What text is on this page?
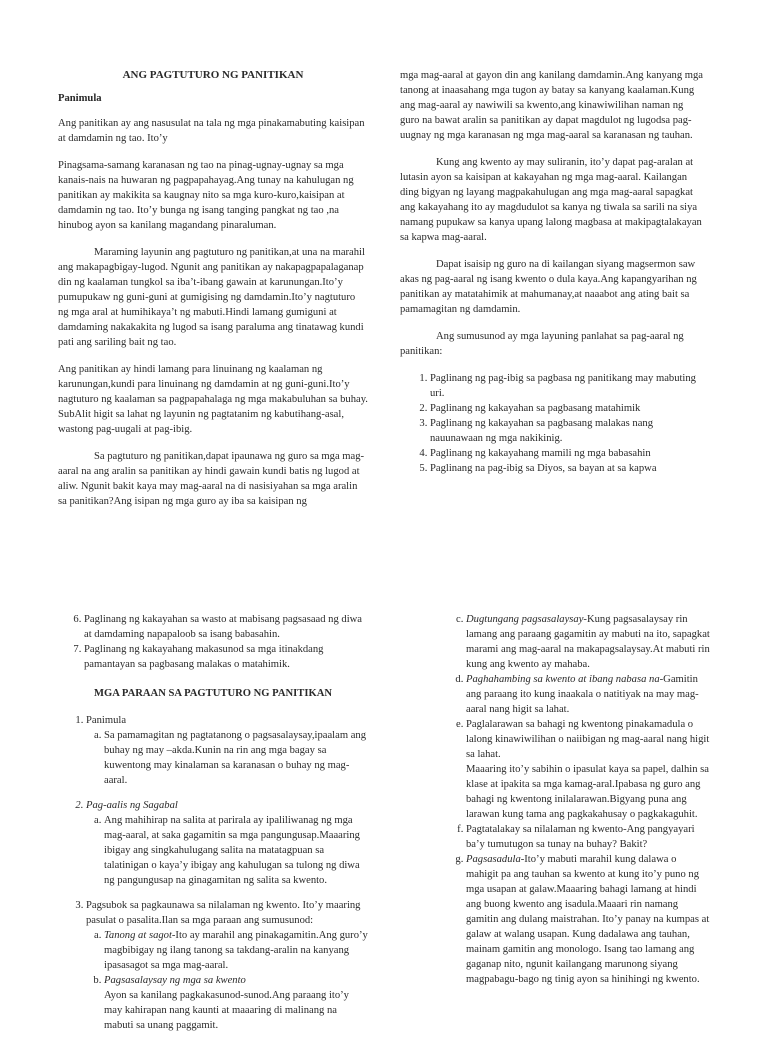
ANG PAGTUTURO NG PANITIKAN
Panimula

Ang panitikan ay ang nasusulat na tala ng mga pinakamabuting kaisipan at damdamin ng tao. Ito’y

Pinagsama-samang karanasan ng tao na pinag-ugnay-ugnay sa mga kanais-nais na huwaran ng pagpapahayag.Ang tunay na kahulugan ng panitikan ay makikita sa kaugnay nito sa mga kuro-kuro,kaisipan at damdamin ng tao. Ito’y bunga ng isang tanging pangkat ng tao ,na hinubog ayon sa kanilang magandang pinaraluman.

Maraming layunin ang pagtuturo ng panitikan,at una na marahil ang makapagbigay-lugod. Ngunit ang panitikan ay nakapagpapalaganap din ng kaalaman tungkol sa iba’t-ibang gawain at karunungan.Ito’y pumupukaw ng guni-guni at gumigising ng damdamin.Ito’y nagtuturo ng mga aral at humihikaya’t ng mabuti.Hindi lamang gumiguni at damdaming nakakakita ng lugod sa isang paraluma ang tinatawag kundi pati ang sariling bait ng tao.

Ang panitikan ay hindi lamang para linuinang ng kaalaman ng karunungan,kundi para linuinang ng damdamin at ng guni-guni.Ito’y nagtuturo ng kaalaman sa pagpapahalaga ng mga makabuluhan sa buhay. SubAlit higit sa lahat ng layunin ng pagtatanim ng kabutihang-asal, wastong pag-uugali at pag-ibig.

Sa pagtuturo ng panitikan,dapat ipaunawa ng guro sa mga mag-aaral na ang aralin sa panitikan ay hindi gawain kundi batis ng lugod at aliw. Ngunit bakit kaya may mag-aaral na di nasisiyahan sa mga aralin sa panitikan?Ang isipan ng mga guro ay iba sa kaisipan ng

mga mag-aaral at gayon din ang kanilang damdamin.Ang kanyang mga tanong at inaasahang mga tugon ay batay sa kanyang kaalaman.Kung ang mag-aaral ay nawiwili sa kwento,ang kinawiwilihan naman ng guro na bawat aralin sa panitikan ay dapat magdulot ng lugodsa pag-uugnay ng mga karanasan ng mga mag-aaral sa karanasan ng tauhan.

Kung ang kwento ay may suliranin, ito’y dapat pag-aralan at lutasin ayon sa kaisipan at kakayahan ng mga mag-aaral. Kailangan ding bigyan ng layang magpakahulugan ang mga mag-aaral sapagkat ang kakayahang ito ay magdudulot sa kanya ng tiwala sa sarili na siya namang pupukaw sa kanya upang lalong magbasa at makipagtalakayan sa kapwa mag-aaral.

Dapat isaisip ng guro na di kailangan siyang magsermon saw akas ng pag-aaral ng isang kwento o dula kaya.Ang kapangyarihan ng panitikan ay matatahimik at mahumanay,at naaabot ang ating bait sa pamamagitan ng damdamin.

Ang sumusunod ay mga layuning panlahat sa pag-aaral ng panitikan:

1. Paglinang ng pag-ibig sa pagbasa ng panitikang may mabuting uri.
2. Paglinang ng kakayahan sa pagbasang matahimik
3. Paglinang ng kakayahan sa pagbasang malakas nang nauunawaan ng mga nakikinig.
4. Paglinang ng kakayahang mamili ng mga babasahin
5. Paglinang na pag-ibig sa Diyos, sa bayan at sa kapwa
6. Paglinang ng kakayahan sa wasto at mabisang pagsasaad ng diwa at damdaming napapaloob sa isang babasahin.
7. Paglinang ng kakayahang makasunod sa mga itinakdang pamantayan sa pagbasang malakas o matahimik.
MGA PARAAN SA PAGTUTURO NG PANITIKAN
1. Panimula
a. Sa pamamagitan ng pagtatanong o pagsasalaysay,ipaalam ang buhay ng may –akda.Kunin na rin ang mga bagay sa kuwentong may kinalaman sa karanasan o buhay ng mag-aaral.
2. Pag-aalis ng Sagabal
a. Ang mahihirap na salita at parirala ay ipaliliwanag ng mga mag-aaral, at saka gagamitin sa mga pangungusap.Maaaring ibigay ang singkahulugang salita na matatagpuan sa talatinigan o kaya’y ibigay ang kahulugan sa tulong ng diwa ng pangungusap na ginagamitan ng salita sa kwento.
3. Pagsubok sa pagkaunawa sa nilalaman ng kwento. Ito’y maaring pasulat o pasalita.Ilan sa mga paraan ang sumusunod:
a. Tanong at sagot-Ito ay marahil ang pinakagamitin.Ang guro’y magbibigay ng ilang tanong sa takdang-aralin na kanyang ipasasagot sa mga mag-aaral.
b. Pagsasalaysay ng mga sa kwento
Ayon sa kanilang pagkakasunod-sunod.Ang paraang ito’y may kahirapan nang kaunti at maaaring di malinang na mabuti sa unang paggamit.
c. Dugtungang pagsasalaysay-Kung pagsasalaysay rin lamang ang paraang gagamitin ay mabuti na ito, sapagkat marami ang mag-aaral na makapagsalaysay.At mabuti rin kung ang kwento ay mahaba.
d. Paghahambing sa kwento at ibang nabasa na-Gamitin ang paraang ito kung inaakala o natitiyak na may mag-aaral nang higit sa lahat.
e. Paglalarawan sa bahagi ng kwentong pinakamadula o lalong kinawiwilihan o naiibigan ng mag-aaral nang higit sa lahat.
Maaaring ito’y sabihin o ipasulat kaya sa papel, dalhin sa klase at ipakita sa mga kamag-aral.Ipabasa ng guro ang bahagi ng kwentong inilalarawan.Bigyang puna ang larawan kung tama ang pagkakahusay o pagkakaguhit.
f. Pagtatalakay sa nilalaman ng kwento-Ang pangyayari ba’y tumutugon sa tunay na buhay? Bakit?
g. Pagsasadula-Ito’y mabuti marahil kung dalawa o mahigit pa ang tauhan sa kwento at kung ito’y puno ng mga usapan at galaw.Maaaring bahagi lamang at hindi ang buong kwento ang isadula.Maaari rin namang gamitin ang dulang maistrahan. Ito’y panay na kumpas at galaw at walang usapan. Kung dadalawa ang tauhan, mainam gamitin ang monologo. Isang tao lamang ang gaganap nito, ngunit kailangang marunong siyang magpabagu-bago ng tinig ayon sa hinihingi ng kwento.
